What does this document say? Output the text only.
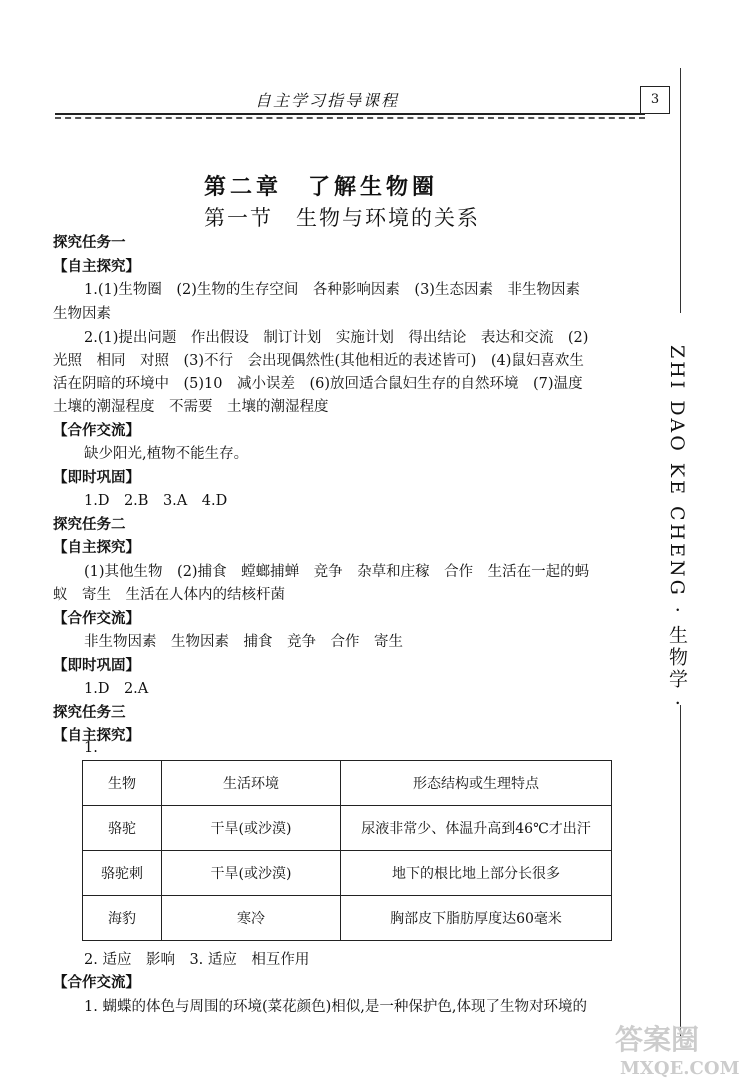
自主学习指导课程	3
ZHI DAO KE CHENG · 生物学 ·
第二章　了解生物圈
第一节　生物与环境的关系
探究任务一
【自主探究】
1.(1)生物圈　(2)生物的生存空间　各种影响因素　(3)生态因素　非生物因素
生物因素
2.(1)提出问题　作出假设　制订计划　实施计划　得出结论　表达和交流　(2)
光照　相同　对照　(3)不行　会出现偶然性(其他相近的表述皆可)　(4)鼠妇喜欢生
活在阴暗的环境中　(5)10　减小误差　(6)放回适合鼠妇生存的自然环境　(7)温度
土壤的潮湿程度　不需要　土壤的潮湿程度
【合作交流】
缺少阳光,植物不能生存。
【即时巩固】
1.D　2.B　3.A　4.D
探究任务二
【自主探究】
(1)其他生物　(2)捕食　螳螂捕蝉　竞争　杂草和庄稼　合作　生活在一起的蚂
蚁　寄生　生活在人体内的结核杆菌
【合作交流】
非生物因素　生物因素　捕食　竞争　合作　寄生
【即时巩固】
1.D　2.A
探究任务三
【自主探究】
1.
生物	生活环境	形态结构或生理特点
骆驼	干旱(或沙漠)	尿液非常少、体温升高到46℃才出汗
骆驼刺	干旱(或沙漠)	地下的根比地上部分长很多
海豹	寒冷	胸部皮下脂肪厚度达60毫米
2. 适应　影响　3. 适应　相互作用
【合作交流】
1. 蝴蝶的体色与周围的环境(菜花颜色)相似,是一种保护色,体现了生物对环境的
答案圈
MXQE.COM
